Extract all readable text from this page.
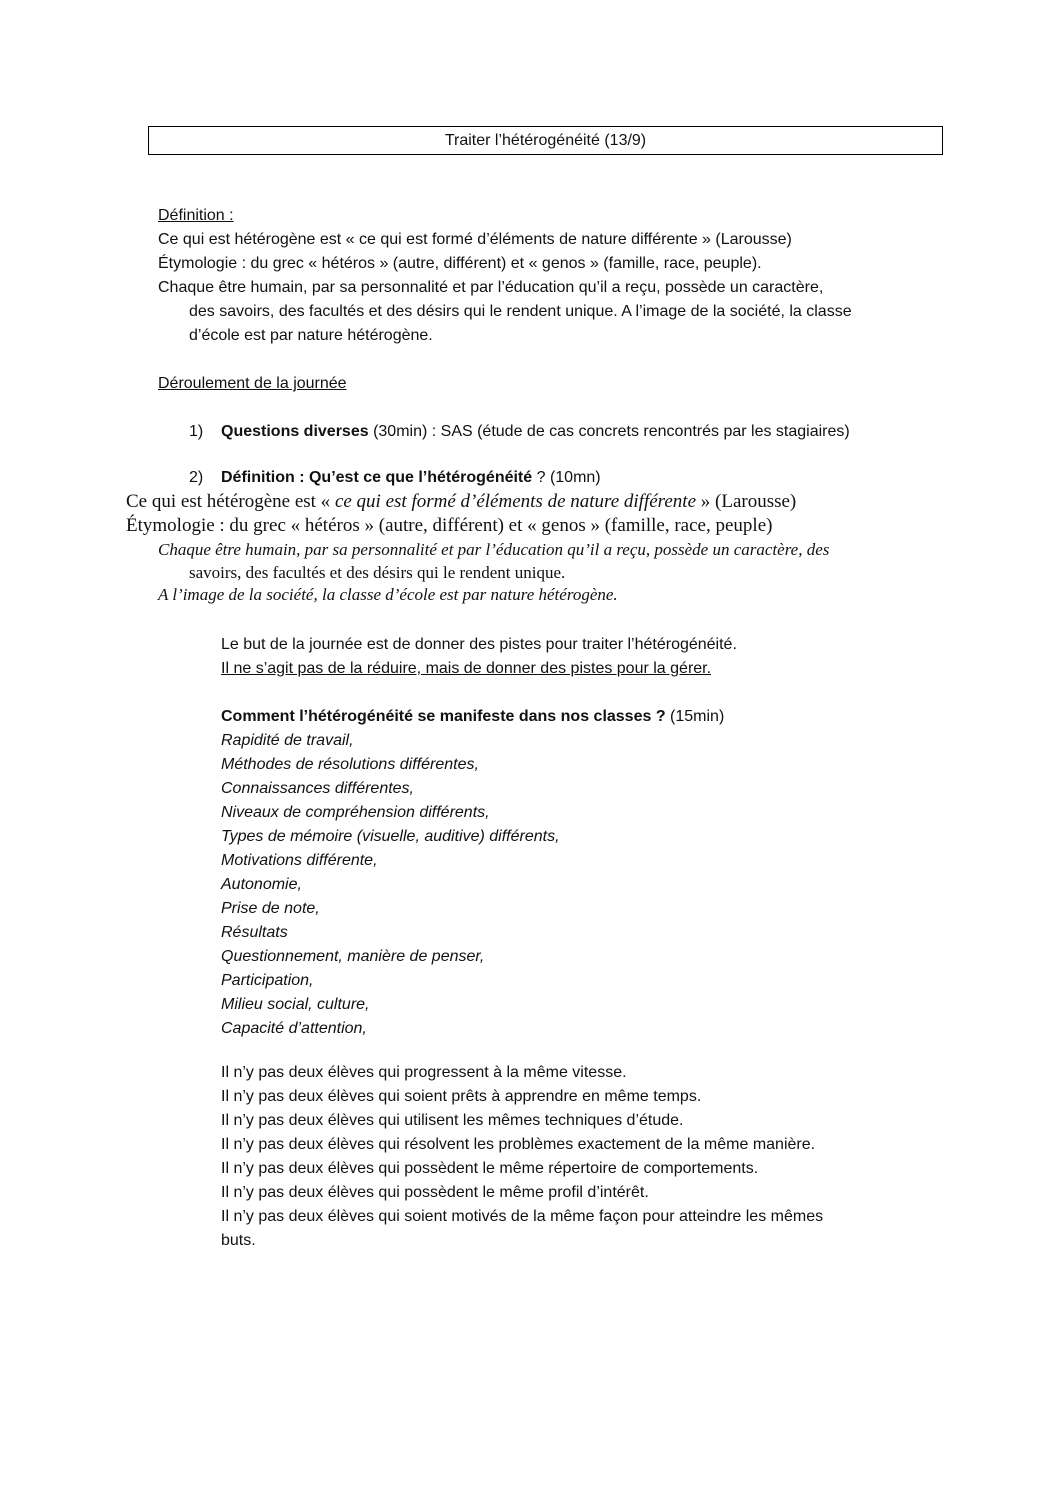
Traiter l’hétérogénéité (13/9)
Définition :
Ce qui est hétérogène est « ce qui est formé d’éléments de nature différente » (Larousse)
Étymologie : du grec « hétéros » (autre, différent) et « genos » (famille, race, peuple).
Chaque être humain, par sa personnalité et par l’éducation qu’il a reçu, possède un caractère,
des savoirs, des facultés et des désirs qui le rendent unique. A l’image de la société, la classe
d’école est par nature hétérogène.
Déroulement de la journée
1) Questions diverses (30min) : SAS (étude de cas concrets rencontrés par les stagiaires)
2) Définition : Qu’est ce que l’hétérogénéité ? (10mn)
Ce qui est hétérogène est « ce qui est formé d’éléments de nature différente » (Larousse)
Étymologie : du grec « hétéros » (autre, différent) et « genos » (famille, race, peuple)
Chaque être humain, par sa personnalité et par l’éducation qu’il a reçu, possède un caractère, des
savoirs, des facultés et des désirs qui le rendent unique.
A l’image de la société, la classe d’école est par nature hétérogène.
Le but de la journée est de donner des pistes pour traiter l’hétérogénéité.
Il ne s’agit pas de la réduire, mais de donner des pistes pour la gérer.
Comment l’hétérogénéité se manifeste dans nos classes ? (15min)
Rapidité de travail,
Méthodes de résolutions différentes,
Connaissances différentes,
Niveaux de compréhension différents,
Types de mémoire (visuelle, auditive) différents,
Motivations différente,
Autonomie,
Prise de note,
Résultats
Questionnement, manière de penser,
Participation,
Milieu social, culture,
Capacité d’attention,
Il n’y pas deux élèves qui progressent à la même vitesse.
Il n’y pas deux élèves qui soient prêts à apprendre en même temps.
Il n’y pas deux élèves qui utilisent les mêmes techniques d’étude.
Il n’y pas deux élèves qui résolvent les problèmes exactement de la même manière.
Il n’y pas deux élèves qui possèdent le même répertoire de comportements.
Il n’y pas deux élèves qui possèdent le même profil d’intérêt.
Il n’y pas deux élèves qui soient motivés de la même façon pour atteindre les mêmes
buts.
